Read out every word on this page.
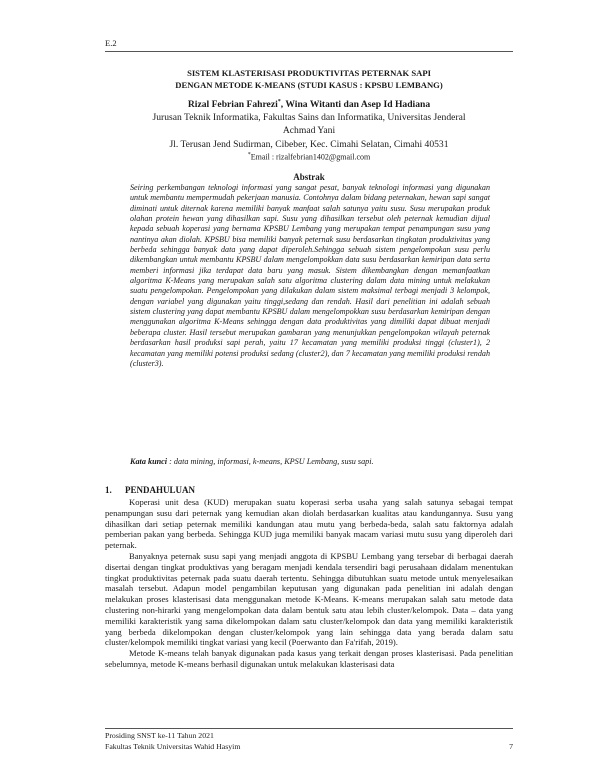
E.2
SISTEM KLASTERISASI PRODUKTIVITAS PETERNAK SAPI
DENGAN METODE K-MEANS (STUDI KASUS : KPSBU LEMBANG)
Rizal Febrian Fahrezi*, Wina Witanti dan Asep Id Hadiana
Jurusan Teknik Informatika, Fakultas Sains dan Informatika, Universitas Jenderal
Achmad Yani
Jl. Terusan Jend Sudirman, Cibeber, Kec. Cimahi Selatan, Cimahi 40531
*Email : rizalfebrian1402@gmail.com
Abstrak

Seiring perkembangan teknologi informasi yang sangat pesat, banyak teknologi informasi yang digunakan untuk membantu mempermudah pekerjaan manusia. Contohnya dalam bidang peternakan, hewan sapi sangat diminati untuk diternak karena memiliki banyak manfaat salah satunya yaitu susu. Susu merupakan produk olahan protein hewan yang dihasilkan sapi. Susu yang dihasilkan tersebut oleh peternak kemudian dijual kepada sebuah koperasi yang bernama KPSBU Lembang yang merupakan tempat penampungan susu yang nantinya akan diolah. KPSBU bisa memiliki banyak peternak susu berdasarkan tingkatan produktivitas yang berbeda sehingga banyak data yang dapat diperoleh.Sehingga sebuah sistem pengelompokan susu perlu dikembangkan untuk membantu KPSBU dalam mengelompokkan data susu berdasarkan kemiripan data serta memberi informasi jika terdapat data baru yang masuk. Sistem dikembangkan dengan memanfaatkan algoritma K-Means yang merupakan salah satu algoritma clustering dalam data mining untuk melakukan suatu pengelompokan. Pengelompokan yang dilakukan dalam sistem maksimal terbagi menjadi 3 kelompok, dengan variabel yang digunakan yaitu tinggi,sedang dan rendah. Hasil dari penelitian ini adalah sebuah sistem clustering yang dapat membantu KPSBU dalam mengelompokkan susu berdasarkan kemiripan dengan menggunakan algoritma K-Means sehingga dengan data produktivitas yang dimiliki dapat dibuat menjadi beberapa cluster. Hasil tersebut merupakan gambaran yang menunjukkan pengelompokan wilayah peternak berdasarkan hasil produksi sapi perah, yaitu 17 kecamatan yang memiliki produksi tinggi (cluster1), 2 kecamatan yang memiliki potensi produksi sedang (cluster2), dan 7 kecamatan yang memiliki produksi rendah (cluster3).

Kata kunci : data mining, informasi, k-means, KPSU Lembang, susu sapi.
1. PENDAHULUAN

Koperasi unit desa (KUD) merupakan suatu koperasi serba usaha yang salah satunya sebagai tempat penampungan susu dari peternak yang kemudian akan diolah berdasarkan kualitas atau kandungannya. Susu yang dihasilkan dari setiap peternak memiliki kandungan atau mutu yang berbeda-beda, salah satu faktornya adalah pemberian pakan yang berbeda. Sehingga KUD juga memiliki banyak macam variasi mutu susu yang diperoleh dari peternak.

Banyaknya peternak susu sapi yang menjadi anggota di KPSBU Lembang yang tersebar di berbagai daerah disertai dengan tingkat produktivas yang beragam menjadi kendala tersendiri bagi perusahaan didalam menentukan tingkat produktivitas peternak pada suatu daerah tertentu. Sehingga dibutuhkan suatu metode untuk menyelesaikan masalah tersebut. Adapun model pengambilan keputusan yang digunakan pada penelitian ini adalah dengan melakukan proses klasterisasi data menggunakan metode K-Means. K-means merupakan salah satu metode data clustering non-hirarki yang mengelompokan data dalam bentuk satu atau lebih cluster/kelompok. Data – data yang memiliki karakteristik yang sama dikelompokan dalam satu cluster/kelompok dan data yang memiliki karakteristik yang berbeda dikelompokan dengan cluster/kelompok yang lain sehingga data yang berada dalam satu cluster/kelompok memiliki tingkat variasi yang kecil (Poerwanto dan Fa'rifah, 2019).

Metode K-means telah banyak digunakan pada kasus yang terkait dengan proses klasterisasi. Pada penelitian sebelumnya, metode K-means berhasil digunakan untuk melakukan klasterisasi data

Prosiding SNST ke-11 Tahun 2021
Fakultas Teknik Universitas Wahid Hasyim	7
